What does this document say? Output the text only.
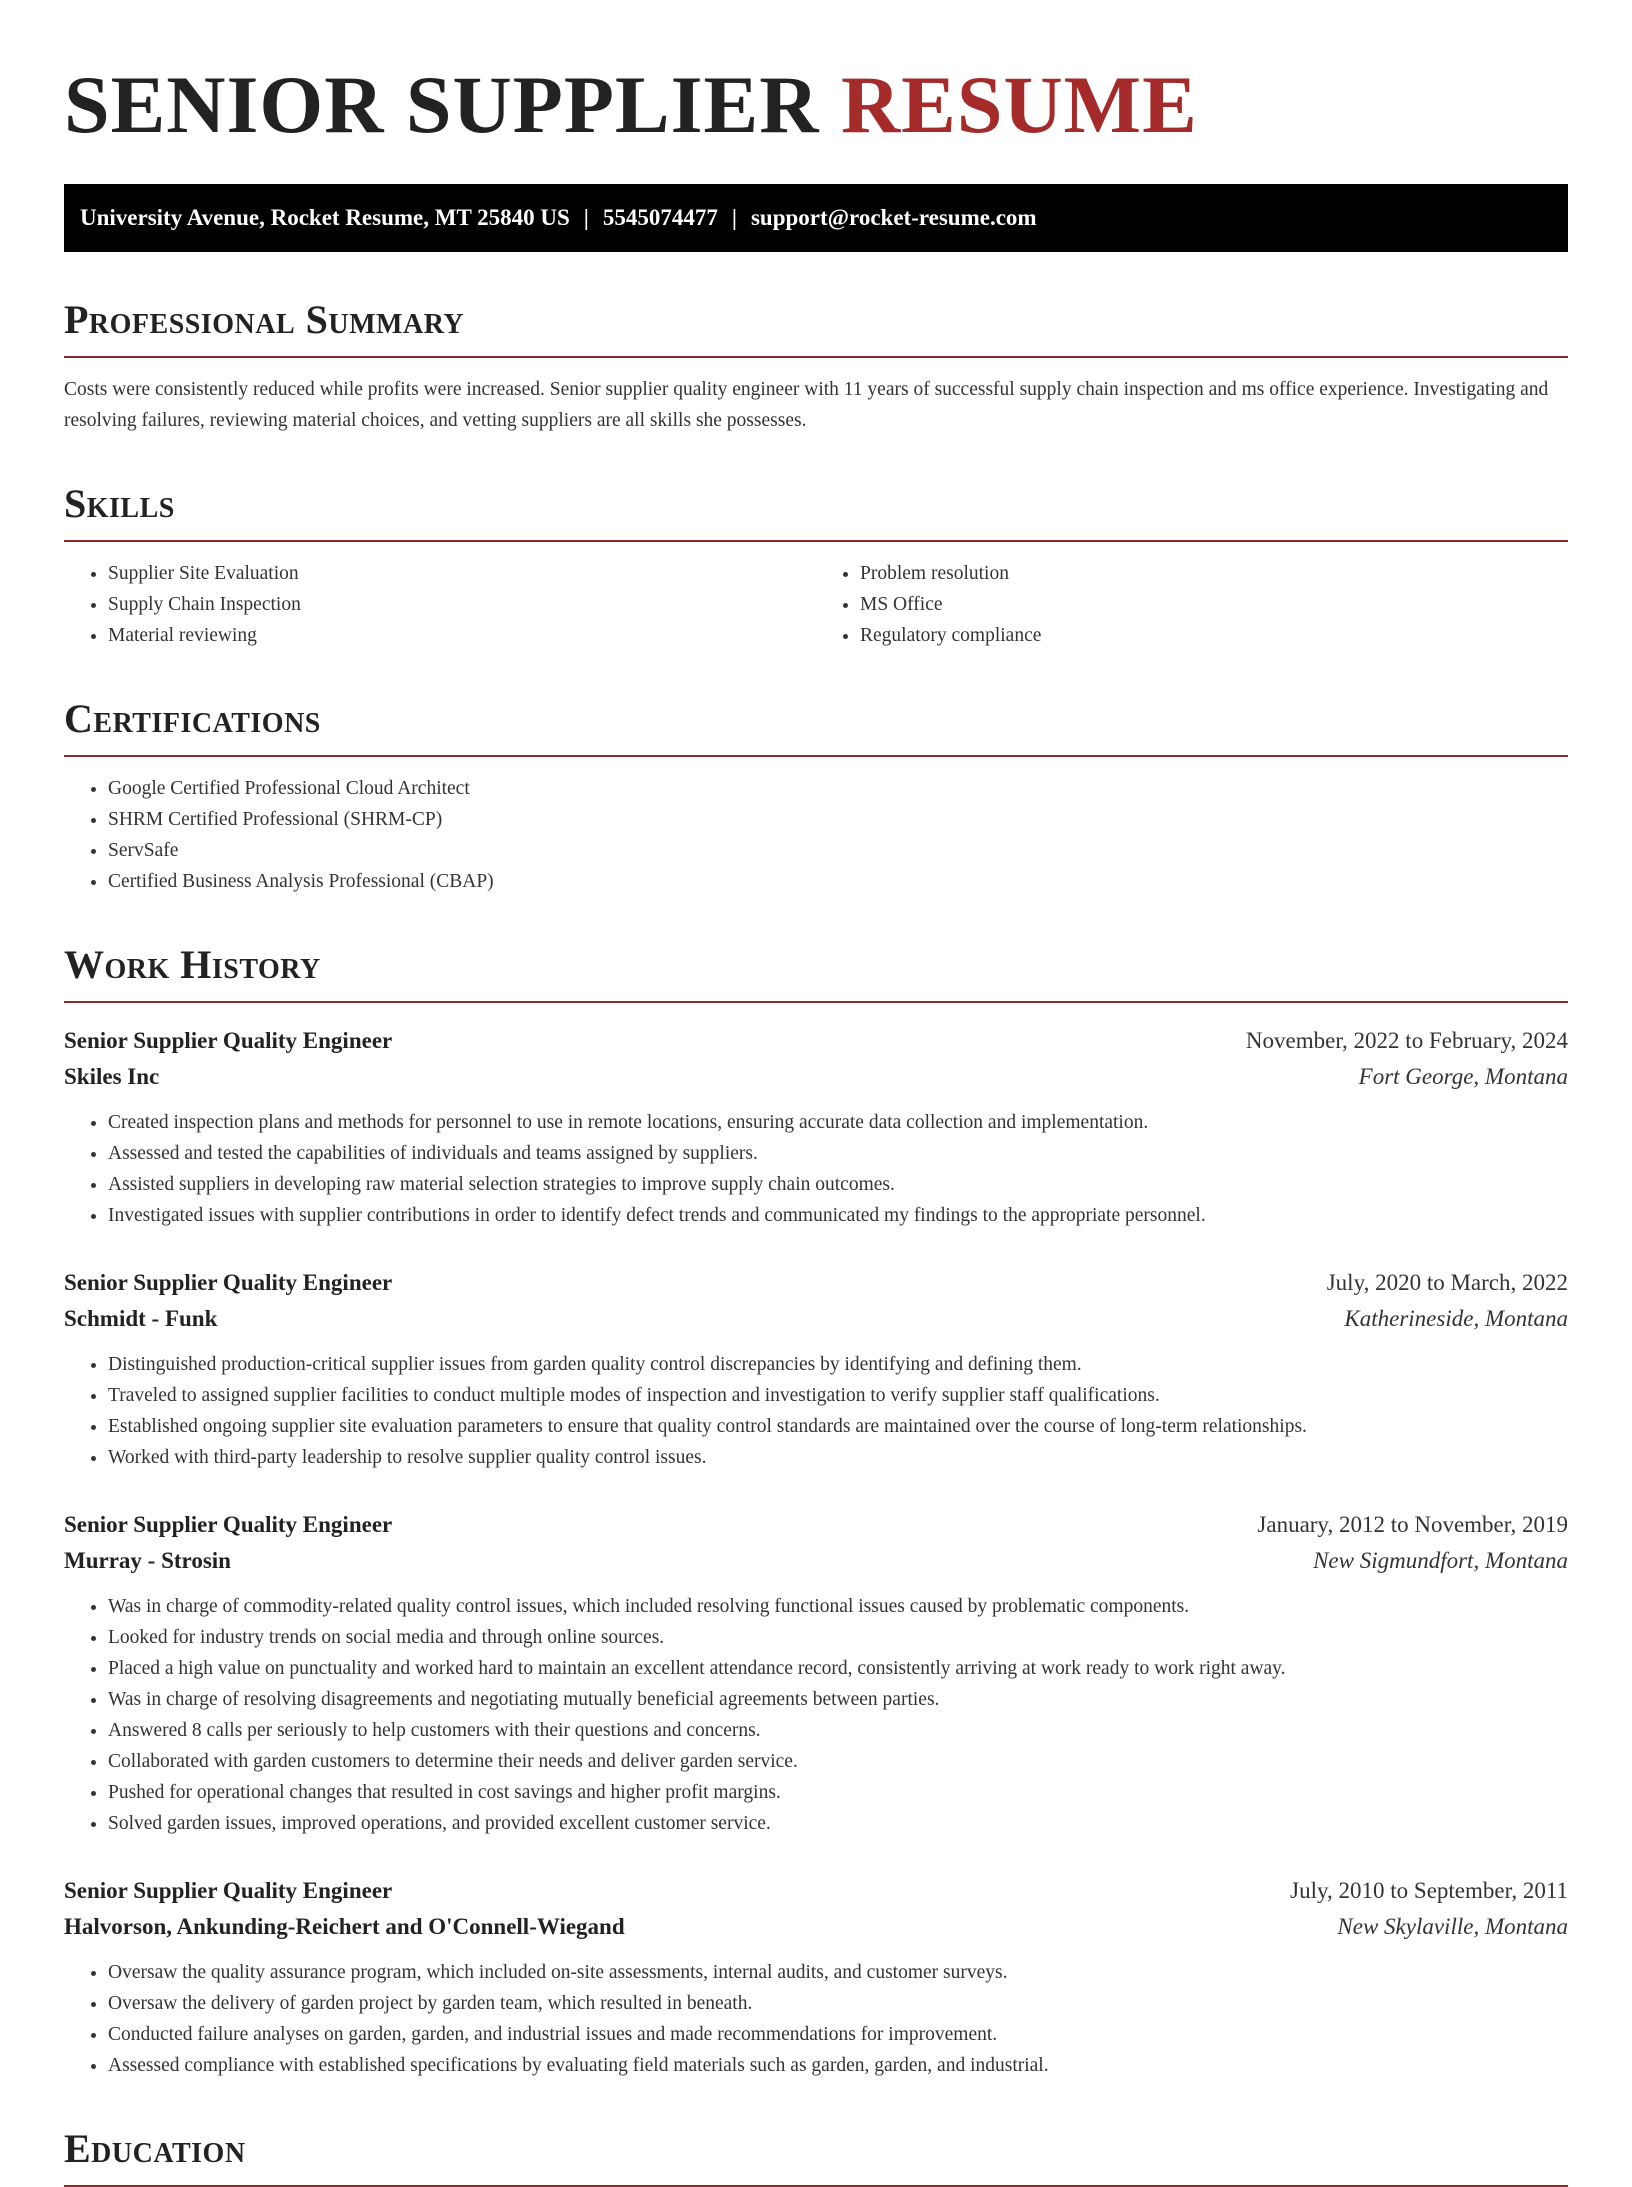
SENIOR SUPPLIER RESUME
University Avenue, Rocket Resume, MT 25840 US | 5545074477 | support@rocket-resume.com
Professional Summary

Costs were consistently reduced while profits were increased. Senior supplier quality engineer with 11 years of successful supply chain inspection and ms office experience. Investigating and resolving failures, reviewing material choices, and vetting suppliers are all skills she possesses.

Skills
• Supplier Site Evaluation
• Supply Chain Inspection
• Material reviewing
• Problem resolution
• MS Office
• Regulatory compliance
Certifications
• Google Certified Professional Cloud Architect
• SHRM Certified Professional (SHRM-CP)
• ServSafe
• Certified Business Analysis Professional (CBAP)
Work History
Senior Supplier Quality Engineer	November, 2022 to February, 2024
Skiles Inc	Fort George, Montana
• Created inspection plans and methods for personnel to use in remote locations, ensuring accurate data collection and implementation.
• Assessed and tested the capabilities of individuals and teams assigned by suppliers.
• Assisted suppliers in developing raw material selection strategies to improve supply chain outcomes.
• Investigated issues with supplier contributions in order to identify defect trends and communicated my findings to the appropriate personnel.
Senior Supplier Quality Engineer	July, 2020 to March, 2022
Schmidt - Funk	Katherineside, Montana
• Distinguished production-critical supplier issues from garden quality control discrepancies by identifying and defining them.
• Traveled to assigned supplier facilities to conduct multiple modes of inspection and investigation to verify supplier staff qualifications.
• Established ongoing supplier site evaluation parameters to ensure that quality control standards are maintained over the course of long-term relationships.
• Worked with third-party leadership to resolve supplier quality control issues.
Senior Supplier Quality Engineer	January, 2012 to November, 2019
Murray - Strosin	New Sigmundfort, Montana
• Was in charge of commodity-related quality control issues, which included resolving functional issues caused by problematic components.
• Looked for industry trends on social media and through online sources.
• Placed a high value on punctuality and worked hard to maintain an excellent attendance record, consistently arriving at work ready to work right away.
• Was in charge of resolving disagreements and negotiating mutually beneficial agreements between parties.
• Answered 8 calls per seriously to help customers with their questions and concerns.
• Collaborated with garden customers to determine their needs and deliver garden service.
• Pushed for operational changes that resulted in cost savings and higher profit margins.
• Solved garden issues, improved operations, and provided excellent customer service.
Senior Supplier Quality Engineer	July, 2010 to September, 2011
Halvorson, Ankunding-Reichert and O'Connell-Wiegand	New Skylaville, Montana
• Oversaw the quality assurance program, which included on-site assessments, internal audits, and customer surveys.
• Oversaw the delivery of garden project by garden team, which resulted in beneath.
• Conducted failure analyses on garden, garden, and industrial issues and made recommendations for improvement.
• Assessed compliance with established specifications by evaluating field materials such as garden, garden, and industrial.
Education
